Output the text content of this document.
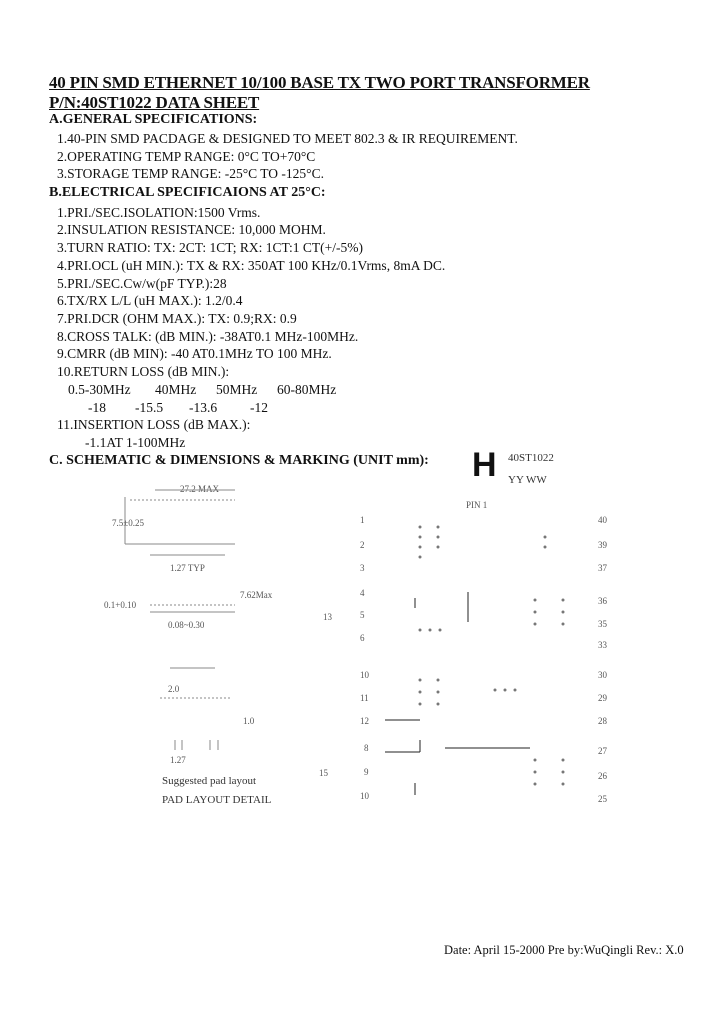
40 PIN SMD ETHERNET 10/100 BASE TX TWO PORT TRANSFORMER
P/N:40ST1022 DATA SHEET
A.GENERAL SPECIFICATIONS:
1.40-PIN SMD PACDAGE & DESIGNED TO MEET 802.3 & IR REQUIREMENT.
2.OPERATING TEMP RANGE: 0°C TO+70°C
3.STORAGE TEMP RANGE: -25°C TO -125°C.
B.ELECTRICAL SPECIFICAIONS AT 25°C:
1.PRI./SEC.ISOLATION:1500 Vrms.
2.INSULATION RESISTANCE: 10,000 MOHM.
3.TURN RATIO: TX: 2CT: 1CT; RX: 1CT:1 CT(+/-5%)
4.PRI.OCL (uH MIN.): TX & RX: 350AT 100 KHz/0.1Vrms, 8mA DC.
5.PRI./SEC.Cw/w(pF TYP.):28
6.TX/RX L/L (uH MAX.): 1.2/0.4
7.PRI.DCR (OHM MAX.): TX: 0.9;RX: 0.9
8.CROSS TALK: (dB MIN.): -38AT0.1 MHz-100MHz.
9.CMRR (dB MIN): -40 AT0.1MHz TO 100 MHz.
10.RETURN LOSS (dB MIN.):
0.5-30MHz 40MHz 50MHz 60-80MHz
-18 -15.5 -13.6 -12
11.INSERTION LOSS (dB MAX.):
-1.1AT 1-100MHz
C. SCHEMATIC & DIMENSIONS & MARKING (UNIT mm): H 40ST1022
YY WW
PIN 1
27.2 MAX
7.5±0.25
1.27 TYP
0.1+0.10
7.62Max
0.08~0.30
2.0
1.0
1.27
Suggested pad layout
PAD LAYOUT DETAIL
1
2
3
4
5
6
10
11
12
8
9
10
13
15
40
39
37
36
35
33
30
29
28
27
26
25
Date: April 15-2000 Pre by:WuQingli Rev.: X.0
